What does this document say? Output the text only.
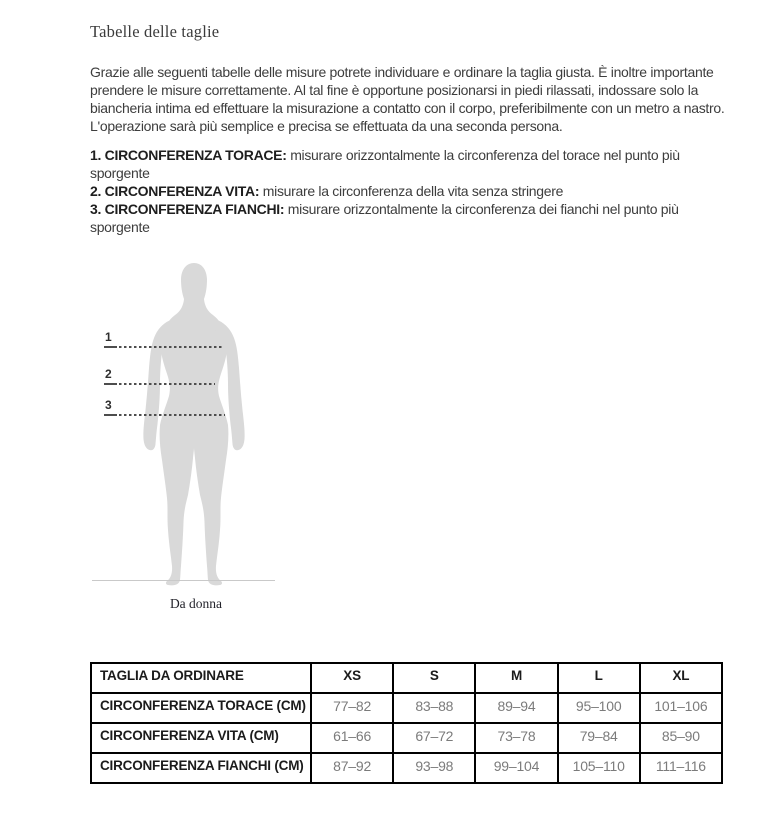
Tabelle delle taglie

Grazie alle seguenti tabelle delle misure potrete individuare e ordinare la taglia giusta. È inoltre importante prendere le misure correttamente. Al tal fine è opportune posizionarsi in piedi rilassati, indossare solo la biancheria intima ed effettuare la misurazione a contatto con il corpo, preferibilmente con un metro a nastro. L'operazione sarà più semplice e precisa se effettuata da una seconda persona.

1. CIRCONFERENZA TORACE: misurare orizzontalmente la circonferenza del torace nel punto più sporgente

2. CIRCONFERENZA VITA: misurare la circonferenza della vita senza stringere

3. CIRCONFERENZA FIANCHI: misurare orizzontalmente la circonferenza dei fianchi nel punto più sporgente

1
2
3
Da donna
TAGLIA DA ORDINARE	XS	S	M	L	XL
CIRCONFERENZA TORACE (CM)	77–82	83–88	89–94	95–100	101–106
CIRCONFERENZA VITA (CM)	61–66	67–72	73–78	79–84	85–90
CIRCONFERENZA FIANCHI (CM)	87–92	93–98	99–104	105–110	111–116
